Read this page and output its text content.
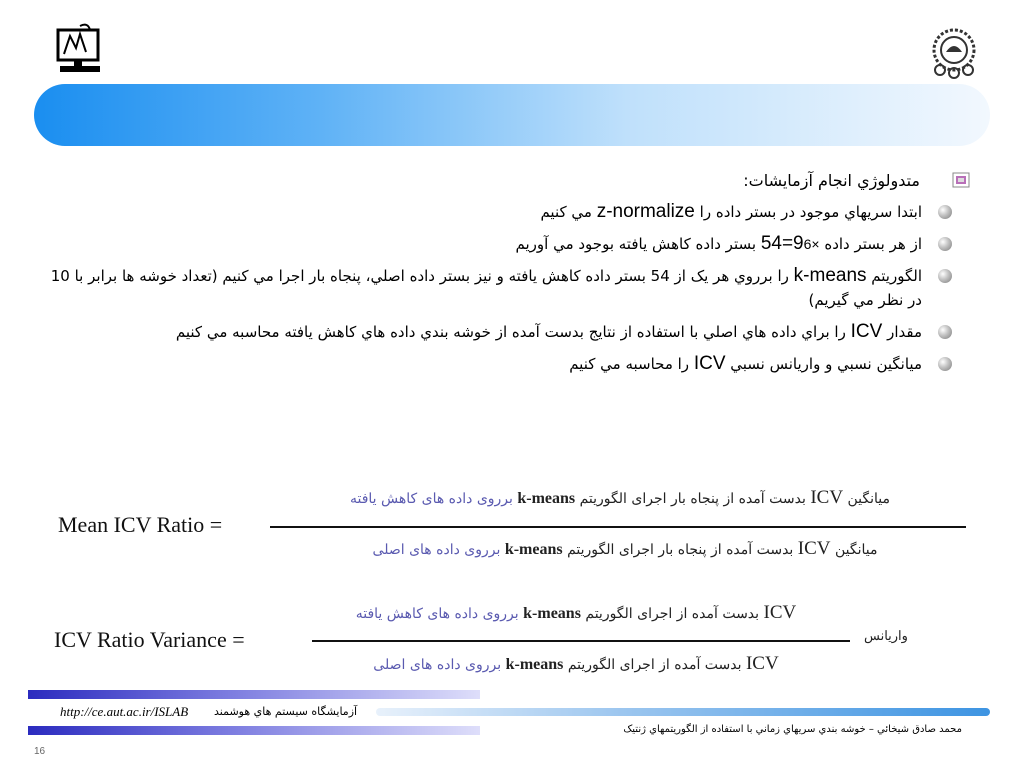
متدولوژي انجام آزمايشات:
ابتدا سريهاي موجود در بستر داده را z-normalize مي کنيم
از هر بستر داده 54=96× بستر داده کاهش يافته بوجود مي آوريم
الگوريتم k-means را برروي هر يک از 54 بستر داده کاهش يافته و نيز بستر داده اصلي، پنجاه بار اجرا مي کنيم (تعداد خوشه ها برابر با 10 در نظر مي گيريم)
مقدار ICV را براي داده هاي اصلي با استفاده از نتايج بدست آمده از خوشه بندي داده هاي کاهش يافته محاسبه مي کنيم
ميانگين نسبي و واريانس نسبي ICV را محاسبه مي کنيم
Mean ICV Ratio =
ميانگين ICV بدست آمده از پنجاه بار اجراى الگوريتم k-means برروى داده هاى كاهش يافته
ميانگين ICV بدست آمده از پنجاه بار اجراى الگوريتم k-means برروى داده هاى اصلى
ICV Ratio Variance =
ICV بدست آمده از اجراى الگوريتم k-means برروى داده هاى كاهش يافته
ICV بدست آمده از اجراى الگوريتم k-means برروى داده هاى اصلى
واريانس
http://ce.aut.ac.ir/ISLAB آزمايشگاه سيستم هاي هوشمند
محمد صادق شيخائي – خوشه بندي سريهاي زماني با استفاده از الگوريتمهاي ژنتيک
16
